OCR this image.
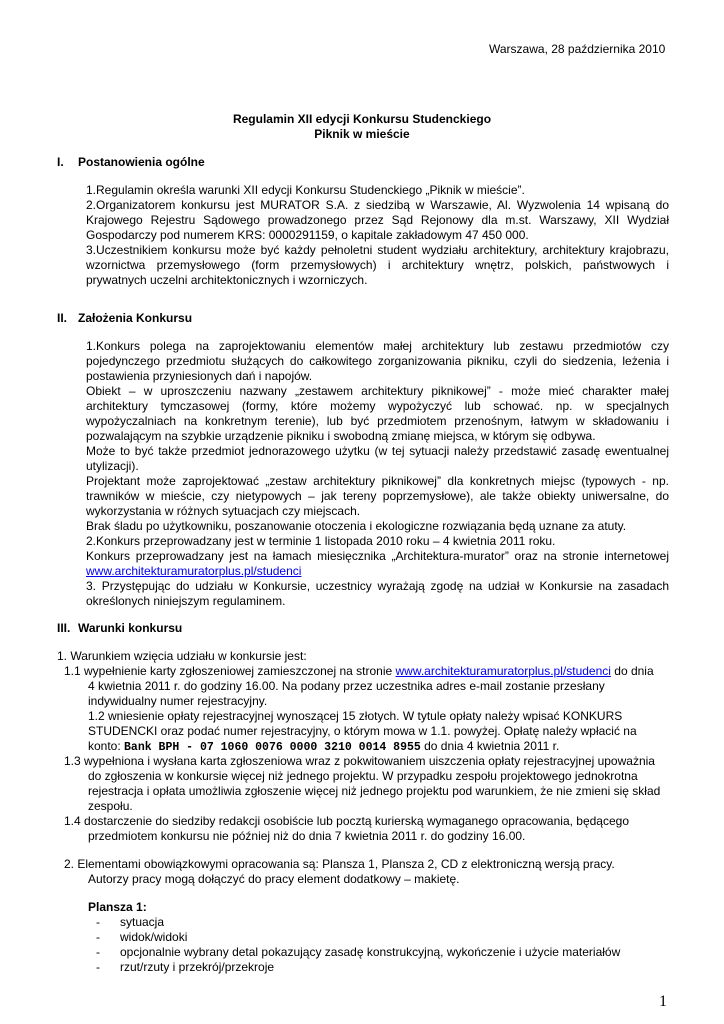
Warszawa, 28 października 2010
Regulamin XII edycji Konkursu Studenckiego
Piknik w mieście
I. Postanowienia ogólne
1.Regulamin określa warunki XII edycji Konkursu Studenckiego „Piknik w mieście”.
2.Organizatorem konkursu jest MURATOR S.A. z siedzibą w Warszawie, Al. Wyzwolenia 14 wpisaną do
Krajowego Rejestru Sądowego prowadzonego przez Sąd Rejonowy dla m.st. Warszawy, XII Wydział
Gospodarczy pod numerem KRS: 0000291159, o kapitale zakładowym 47 450 000.
3.Uczestnikiem konkursu może być każdy pełnoletni student wydziału architektury, architektury krajobrazu,
wzornictwa przemysłowego (form przemysłowych) i architektury wnętrz, polskich, państwowych i
prywatnych uczelni architektonicznych i wzorniczych.
II. Założenia Konkursu
1.Konkurs polega na zaprojektowaniu elementów małej architektury lub zestawu przedmiotów czy
pojedynczego przedmiotu służących do całkowitego zorganizowania pikniku, czyli do siedzenia, leżenia i
postawienia przyniesionych dań i napojów.
Obiekt – w uproszczeniu nazwany „zestawem architektury piknikowej” - może mieć charakter małej
architektury tymczasowej (formy, które możemy wypożyczyć lub schować. np. w specjalnych
wypożyczalniach na konkretnym terenie), lub być przedmiotem przenośnym, łatwym w składowaniu i
pozwalającym na szybkie urządzenie pikniku i swobodną zmianę miejsca, w którym się odbywa.
Może to być także przedmiot jednorazowego użytku (w tej sytuacji należy przedstawić zasadę ewentualnej
utylizacji).
Projektant może zaprojektować „zestaw architektury piknikowej” dla konkretnych miejsc (typowych - np.
trawników w mieście, czy nietypowych – jak tereny poprzemysłowe), ale także obiekty uniwersalne, do
wykorzystania w różnych sytuacjach czy miejscach.
Brak śladu po użytkowniku, poszanowanie otoczenia i ekologiczne rozwiązania będą uznane za atuty.
2.Konkurs przeprowadzany jest w terminie 1 listopada 2010 roku – 4 kwietnia 2011 roku.
Konkurs przeprowadzany jest na łamach miesięcznika „Architektura-murator” oraz na stronie internetowej
www.architekturamuratorplus.pl/studenci
3. Przystępując do udziału w Konkursie, uczestnicy wyrażają zgodę na udział w Konkursie na zasadach
określonych niniejszym regulaminem.
III. Warunki konkursu
1. Warunkiem wzięcia udziału w konkursie jest:
1.1 wypełnienie karty zgłoszeniowej zamieszczonej na stronie www.architekturamuratorplus.pl/studenci do dnia
4 kwietnia 2011 r. do godziny 16.00. Na podany przez uczestnika adres e-mail zostanie przesłany
indywidualny numer rejestracyjny.
1.2 wniesienie opłaty rejestracyjnej wynoszącej 15 złotych. W tytule opłaty należy wpisać KONKURS
STUDENCKI oraz podać numer rejestracyjny, o którym mowa w 1.1. powyżej. Opłatę należy wpłacić na
konto: Bank BPH - 07 1060 0076 0000 3210 0014 8955 do dnia 4 kwietnia 2011 r.
1.3 wypełniona i wysłana karta zgłoszeniowa wraz z pokwitowaniem uiszczenia opłaty rejestracyjnej upoważnia
do zgłoszenia w konkursie więcej niż jednego projektu. W przypadku zespołu projektowego jednokrotna
rejestracja i opłata umożliwia zgłoszenie więcej niż jednego projektu pod warunkiem, że nie zmieni się skład
zespołu.
1.4 dostarczenie do siedziby redakcji osobiście lub pocztą kurierską wymaganego opracowania, będącego
przedmiotem konkursu nie później niż do dnia 7 kwietnia 2011 r. do godziny 16.00.
2. Elementami obowiązkowymi opracowania są: Plansza 1, Plansza 2, CD z elektroniczną wersją pracy.
Autorzy pracy mogą dołączyć do pracy element dodatkowy – makietę.
Plansza 1:
- sytuacja
- widok/widoki
- opcjonalnie wybrany detal pokazujący zasadę konstrukcyjną, wykończenie i użycie materiałów
- rzut/rzuty i przekrój/przekroje
1
